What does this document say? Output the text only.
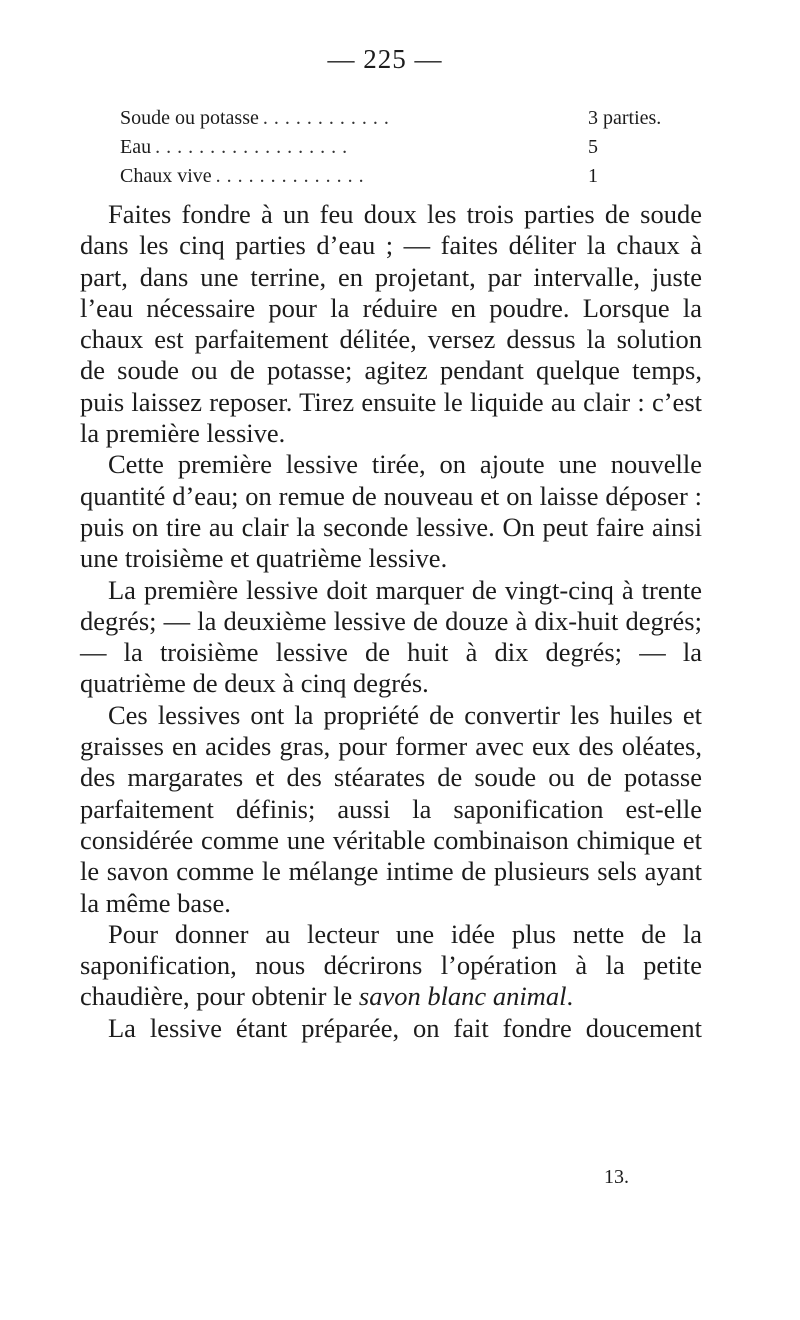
— 225 —
Soude ou potasse ............	3 parties.
Eau ..................	5
Chaux vive ..............	1

Faites fondre à un feu doux les trois parties de soude dans les cinq parties d’eau ; — faites déliter la chaux à part, dans une terrine, en projetant, par intervalle, juste l’eau nécessaire pour la réduire en poudre. Lorsque la chaux est parfaitement délitée, versez dessus la solution de soude ou de potasse; agitez pendant quelque temps, puis laissez reposer. Tirez ensuite le liquide au clair : c’est la première lessive.

Cette première lessive tirée, on ajoute une nouvelle quantité d’eau; on remue de nouveau et on laisse déposer : puis on tire au clair la seconde lessive. On peut faire ainsi une troisième et quatrième lessive.

La première lessive doit marquer de vingt-cinq à trente degrés; — la deuxième lessive de douze à dix-huit degrés; — la troisième lessive de huit à dix degrés; — la quatrième de deux à cinq degrés.

Ces lessives ont la propriété de convertir les huiles et graisses en acides gras, pour former avec eux des oléates, des margarates et des stéarates de soude ou de potasse parfaitement définis; aussi la saponification est-elle considérée comme une véritable combinaison chimique et le savon comme le mélange intime de plusieurs sels ayant la même base.

Pour donner au lecteur une idée plus nette de la saponification, nous décrirons l’opération à la petite chaudière, pour obtenir le savon blanc animal.

La lessive étant préparée, on fait fondre doucement

13.
